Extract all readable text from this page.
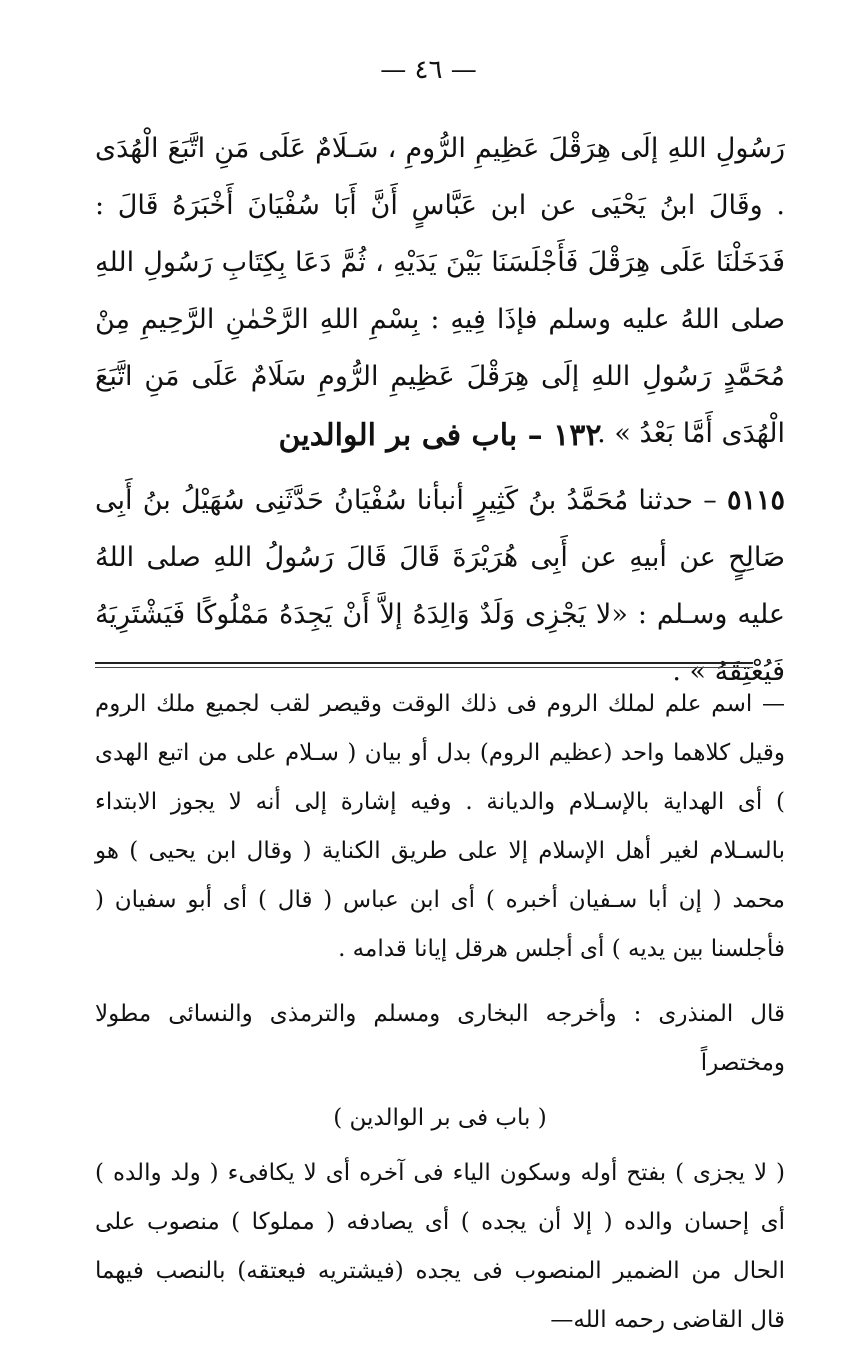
— ٤٦ —

رَسُولِ اللهِ إلَى هِرَقْلَ عَظِيمِ الرُّومِ ، سَـلَامٌ عَلَى مَنِ اتَّبَعَ الْهُدَى . وقَالَ ابنُ يَحْيَى عن ابن عَبَّاسٍ أَنَّ أَبَا سُفْيَانَ أَخْبَرَهُ قَالَ : فَدَخَلْنَا عَلَى هِرَقْلَ فَأَجْلَسَنَا بَيْنَ يَدَيْهِ ، ثُمَّ دَعَا بِكِتَابِ رَسُولِ اللهِ صلى اللهُ عليه وسلم فإذَا فِيهِ : بِسْمِ اللهِ الرَّحْمٰنِ الرَّحِيمِ مِنْ مُحَمَّدٍ رَسُولِ اللهِ إلَى هِرَقْلَ عَظِيمِ الرُّومِ سَلَامٌ عَلَى مَنِ اتَّبَعَ الْهُدَى أَمَّا بَعْدُ » .

١٣٢ – باب فى بر الوالدين

٥١١٥ – حدثنا مُحَمَّدُ بنُ كَثِيرٍ أنبأنا سُفْيَانُ حَدَّثَنِى سُهَيْلُ بنُ أَبِى صَالِحٍ عن أبيهِ عن أَبِى هُرَيْرَةَ قَالَ قَالَ رَسُولُ اللهِ صلى اللهُ عليه وسـلم : «لا يَجْزِى وَلَدٌ وَالِدَهُ إلاَّ أَنْ يَجِدَهُ مَمْلُوكًا فَيَشْتَرِيَهُ فَيُعْتِقَهُ » .

— اسم علم لملك الروم فى ذلك الوقت وقيصر لقب لجميع ملك الروم وقيل كلاهما واحد (عظيم الروم) بدل أو بيان ( سـلام على من اتبع الهدى ) أى الهداية بالإسـلام والديانة . وفيه إشارة إلى أنه لا يجوز الابتداء بالسـلام لغير أهل الإسلام إلا على طريق الكناية ( وقال ابن يحيى ) هو محمد ( إن أبا سـفيان أخبره ) أى ابن عباس ( قال ) أى أبو سفيان ( فأجلسنا بين يديه ) أى أجلس هرقل إيانا قدامه .

قال المنذرى : وأخرجه البخارى ومسلم والترمذى والنسائى مطولا ومختصراً

( باب فى بر الوالدين )

( لا يجزى ) بفتح أوله وسكون الياء فى آخره أى لا يكافىء ( ولد والده ) أى إحسان والده ( إلا أن يجده ) أى يصادفه ( مملوكا ) منصوب على الحال من الضمير المنصوب فى يجده (فيشتريه فيعتقه) بالنصب فيهما قال القاضى رحمه الله—
